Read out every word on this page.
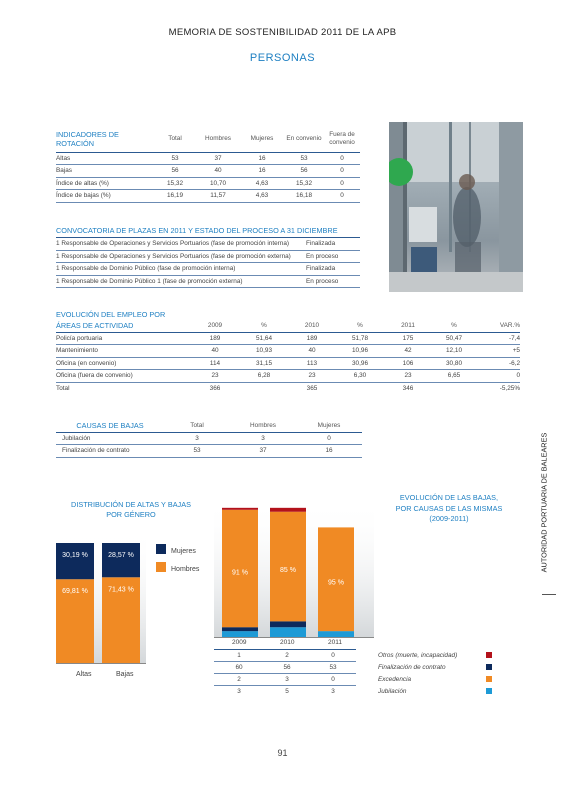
MEMORIA DE SOSTENIBILIDAD 2011 DE LA APB
PERSONAS
INDICADORES DE
ROTACIÓN	Total	Hombres	Mujeres	En convenio	Fuera de convenio
Altas	53	37	16	53	0
Bajas	56	40	16	56	0
Índice de altas (%)	15,32	10,70	4,63	15,32	0
Índice de bajas (%)	16,19	11,57	4,63	16,18	0
CONVOCATORIA DE PLAZAS EN 2011 Y ESTADO DEL PROCESO A 31 DICIEMBRE
1 Responsable de Operaciones y Servicios Portuarios (fase de promoción interna)	Finalizada
1 Responsable de Operaciones y Servicios Portuarios (fase de promoción externa)	En proceso
1 Responsable de Dominio Público (fase de promoción interna)	Finalizada
1 Responsable de Dominio Público 1 (fase de promoción externa)	En proceso
EVOLUCIÓN DEL EMPLEO POR
ÁREAS DE ACTIVIDAD	2009	%	2010	%	2011	%	VAR.%
Policía portuaria	189	51,64	189	51,78	175	50,47	-7,4
Mantenimiento	40	10,93	40	10,96	42	12,10	+5
Oficina (en convenio)	114	31,15	113	30,96	106	30,80	-6,2
Oficina (fuera de convenio)	23	6,28	23	6,30	23	6,65	0
Total	366		365		346		-5,25%
CAUSAS DE BAJAS	Total	Hombres	Mujeres
Jubilación	3	3	0
Finalización de contrato	53	37	16
DISTRIBUCIÓN DE ALTAS Y BAJAS
POR GÉNERO
69,81 %
30,19 %
71,43 %
28,57 %
Altas	Bajas
Mujeres
Hombres
EVOLUCIÓN DE LAS BAJAS,
POR CAUSAS DE LAS MISMAS
(2009-2011)
91 %	85 %
95 %
2009	2010	2011
1	2	0	Otros (muerte, incapacidad)	
60	56	53	Finalización de contrato	
2	3	0	Excedencia	
3	5	3	Jubilación	
AUTORIDAD PORTUARIA DE BALEARES
91
